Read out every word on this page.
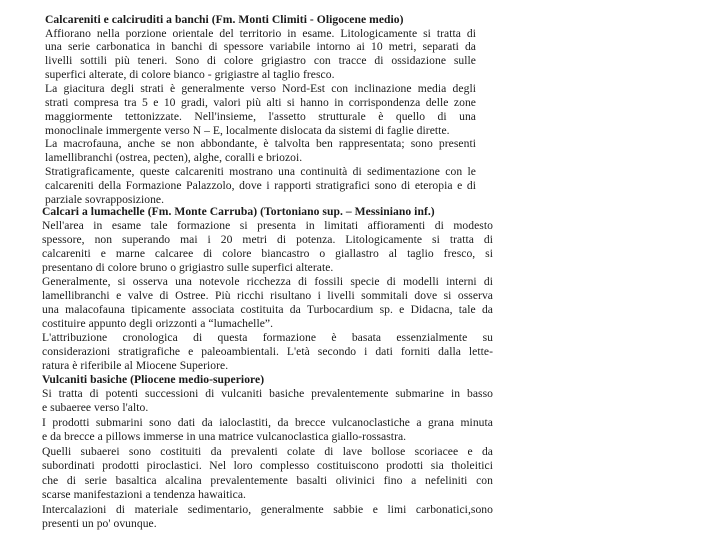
Calcareniti e calciruditi a banchi (Fm. Monti Climiti - Oligocene medio)
Affiorano nella porzione orientale del territorio in esame. Litologicamente si tratta di
una serie carbonatica in banchi di spessore variabile intorno ai 10 metri, separati da
livelli sottili più teneri. Sono di colore grigiastro con tracce di ossidazione sulle
superfici alterate, di colore bianco - grigiastre al taglio fresco.
La giacitura degli strati è generalmente verso Nord-Est con inclinazione media degli
strati compresa tra 5 e 10 gradi, valori più alti si hanno in corrispondenza delle zone
maggiormente tettonizzate. Nell'insieme, l'assetto strutturale è quello di una
monoclinale immergente verso N – E, localmente dislocata da sistemi di faglie dirette.
La macrofauna, anche se non abbondante, è talvolta ben rappresentata; sono presenti
lamellibranchi (ostrea, pecten), alghe, coralli e briozoi.
Stratigraficamente, queste calcareniti mostrano una continuità di sedimentazione con le
calcareniti della Formazione Palazzolo, dove i rapporti stratigrafici sono di eteropia e di
parziale sovrapposizione.
Calcari a lumachelle (Fm. Monte Carruba) (Tortoniano sup. – Messiniano inf.)
Nell'area in esame tale formazione si presenta in limitati affioramenti di modesto
spessore, non superando mai i 20 metri di potenza. Litologicamente si tratta di
calcareniti e marne calcaree di colore biancastro o giallastro al taglio fresco, si
presentano di colore bruno o grigiastro sulle superfici alterate.
Generalmente, si osserva una notevole ricchezza di fossili specie di modelli interni di
lamellibranchi e valve di Ostree. Più ricchi risultano i livelli sommitali dove si osserva
una malacofauna tipicamente associata costituita da Turbocardium sp. e Didacna, tale da
costituire appunto degli orizzonti a “lumachelle”.
L'attribuzione cronologica di questa formazione è basata essenzialmente su
considerazioni stratigrafiche e paleoambientali. L'età secondo i dati forniti dalla lette-
ratura è riferibile al Miocene Superiore.
Vulcaniti basiche (Pliocene medio-superiore)
Si tratta di potenti successioni di vulcaniti basiche prevalentemente submarine in basso
e subaeree verso l'alto.
I prodotti submarini sono dati da ialoclastiti, da brecce vulcanoclastiche a grana minuta
e da brecce a pillows immerse in una matrice vulcanoclastica giallo-rossastra.
Quelli subaerei sono costituiti da prevalenti colate di lave bollose scoriacee e da
subordinati prodotti piroclastici. Nel loro complesso costituiscono prodotti sia tholeitici
che di serie basaltica alcalina prevalentemente basalti olivinici fino a nefeliniti con
scarse manifestazioni a tendenza hawaitica.
Intercalazioni di materiale sedimentario, generalmente sabbie e limi carbonatici,sono
presenti un po' ovunque.
